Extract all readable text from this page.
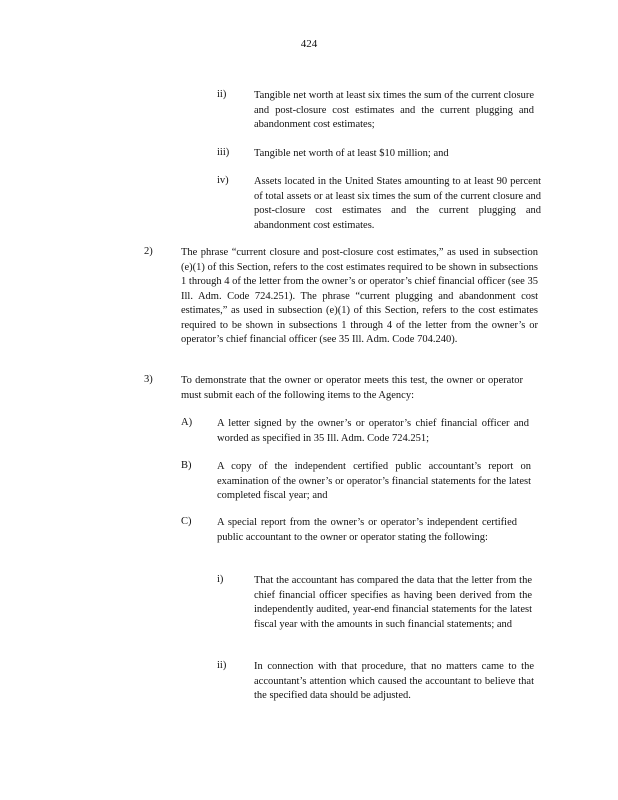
424
ii)	Tangible net worth at least six times the sum of the current closure and post-closure cost estimates and the current plugging and abandonment cost estimates;
iii) Tangible net worth of at least $10 million; and
iv) Assets located in the United States amounting to at least 90 percent of total assets or at least six times the sum of the current closure and post-closure cost estimates and the current plugging and abandonment cost estimates.
2)	The phrase “current closure and post-closure cost estimates,” as used in subsection (e)(1) of this Section, refers to the cost estimates required to be shown in subsections 1 through 4 of the letter from the owner’s or operator’s chief financial officer (see 35 Ill. Adm. Code 724.251). The phrase “current plugging and abandonment cost estimates,” as used in subsection (e)(1) of this Section, refers to the cost estimates required to be shown in subsections 1 through 4 of the letter from the owner’s or operator’s chief financial officer (see 35 Ill. Adm. Code 704.240).
3)	To demonstrate that the owner or operator meets this test, the owner or operator must submit each of the following items to the Agency:
A) A letter signed by the owner’s or operator’s chief financial officer and worded as specified in 35 Ill. Adm. Code 724.251;
B) A copy of the independent certified public accountant’s report on examination of the owner’s or operator’s financial statements for the latest completed fiscal year; and
C) A special report from the owner’s or operator’s independent certified public accountant to the owner or operator stating the following:
i)	That the accountant has compared the data that the letter from the chief financial officer specifies as having been derived from the independently audited, year-end financial statements for the latest fiscal year with the amounts in such financial statements; and
ii)	In connection with that procedure, that no matters came to the accountant’s attention which caused the accountant to believe that the specified data should be adjusted.
